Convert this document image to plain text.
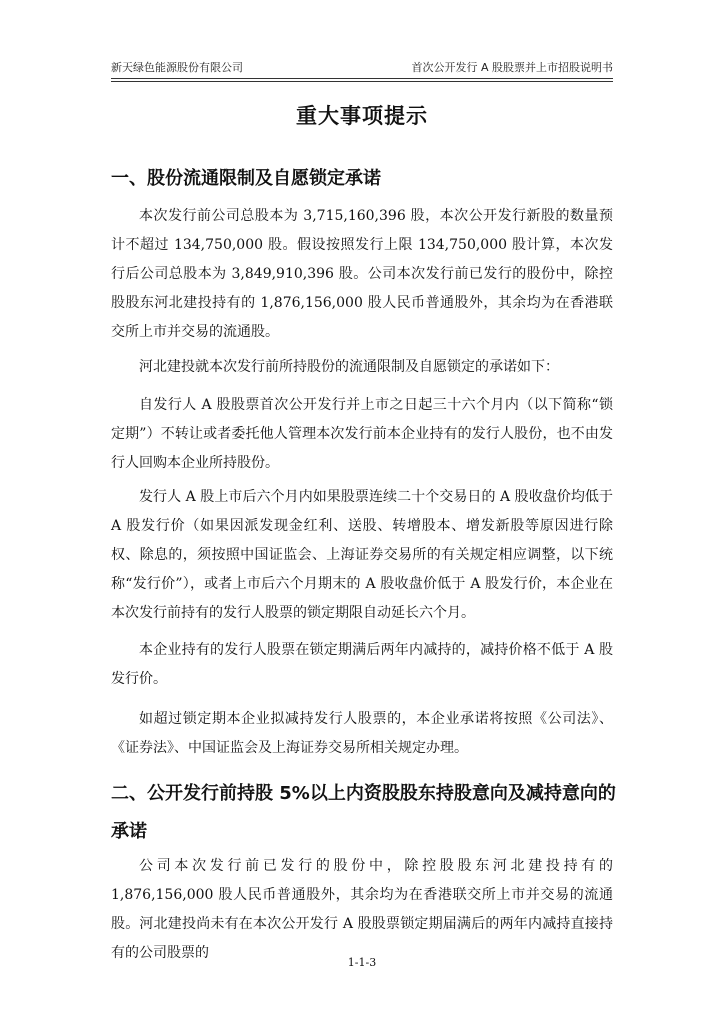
新天绿色能源股份有限公司	首次公开发行 A 股股票并上市招股说明书
重大事项提示
一、股份流通限制及自愿锁定承诺
本次发行前公司总股本为 3,715,160,396 股，本次公开发行新股的数量预计不超过 134,750,000 股。假设按照发行上限 134,750,000 股计算，本次发行后公司总股本为 3,849,910,396 股。公司本次发行前已发行的股份中，除控股股东河北建投持有的 1,876,156,000 股人民币普通股外，其余均为在香港联交所上市并交易的流通股。
河北建投就本次发行前所持股份的流通限制及自愿锁定的承诺如下：
自发行人 A 股股票首次公开发行并上市之日起三十六个月内（以下简称“锁定期”）不转让或者委托他人管理本次发行前本企业持有的发行人股份，也不由发行人回购本企业所持股份。
发行人 A 股上市后六个月内如果股票连续二十个交易日的 A 股收盘价均低于 A 股发行价（如果因派发现金红利、送股、转增股本、增发新股等原因进行除权、除息的，须按照中国证监会、上海证券交易所的有关规定相应调整，以下统称“发行价”），或者上市后六个月期末的 A 股收盘价低于 A 股发行价，本企业在本次发行前持有的发行人股票的锁定期限自动延长六个月。
本企业持有的发行人股票在锁定期满后两年内减持的，减持价格不低于 A 股发行价。
如超过锁定期本企业拟减持发行人股票的，本企业承诺将按照《公司法》、《证券法》、中国证监会及上海证券交易所相关规定办理。
二、公开发行前持股 5%以上内资股股东持股意向及减持意向的承诺
公司本次发行前已发行的股份中，除控股股东河北建投持有的 1,876,156,000 股人民币普通股外，其余均为在香港联交所上市并交易的流通股。河北建投尚未有在本次公开发行 A 股股票锁定期届满后的两年内减持直接持有的公司股票的
1-1-3
